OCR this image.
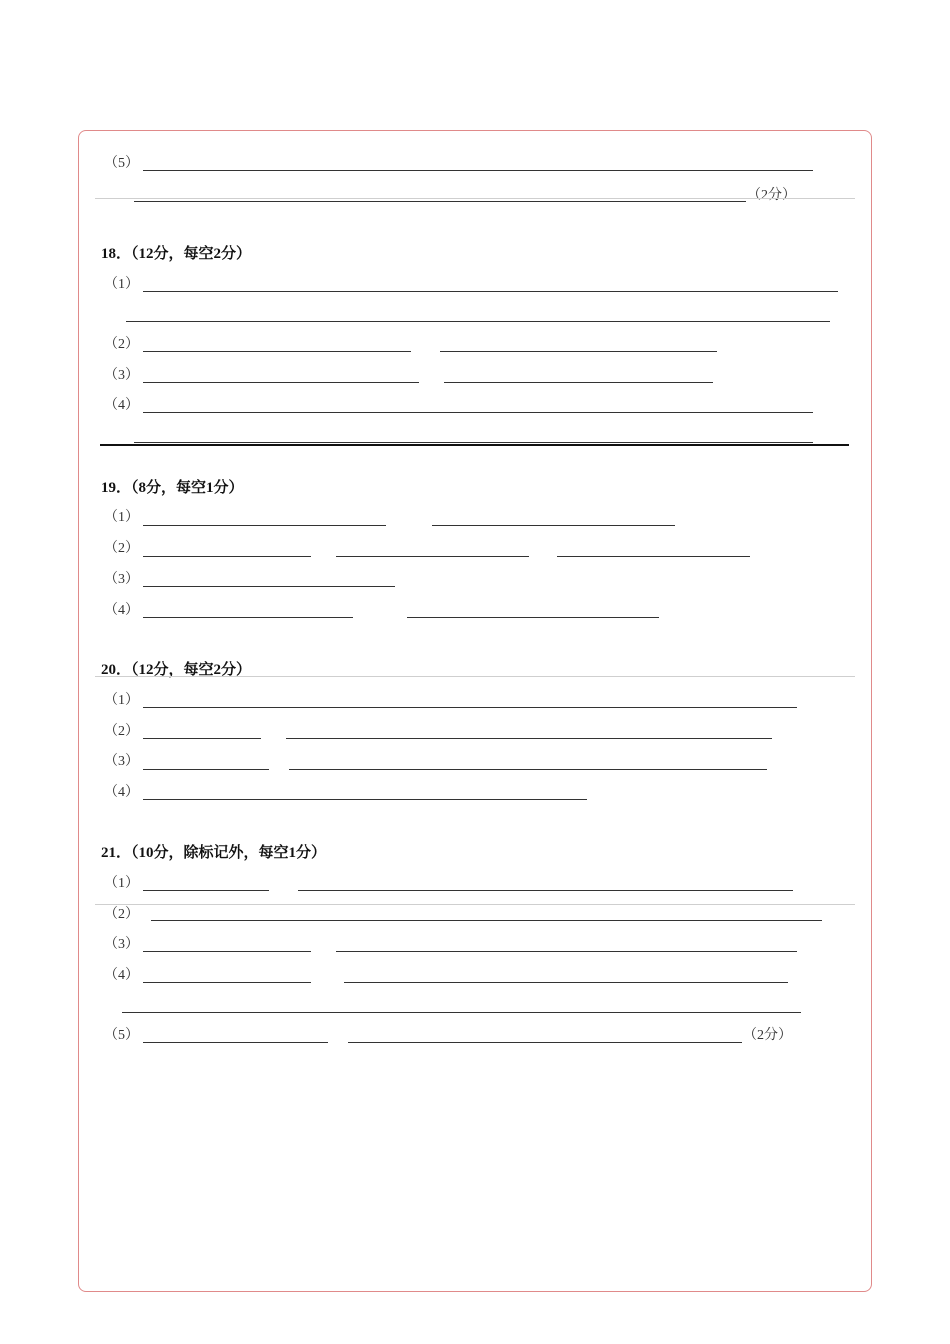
（5）
（2分）
18．（12分，每空2分）
（1）
（2）
（3）
（4）
19．（8分，每空1分）
（1）
（2）
（3）
（4）
20．（12分，每空2分）
（1）
（2）
（3）
（4）
21．（10分，除标记外，每空1分）
（1）
（2）
（3）
（4）
（5）	（2分）
